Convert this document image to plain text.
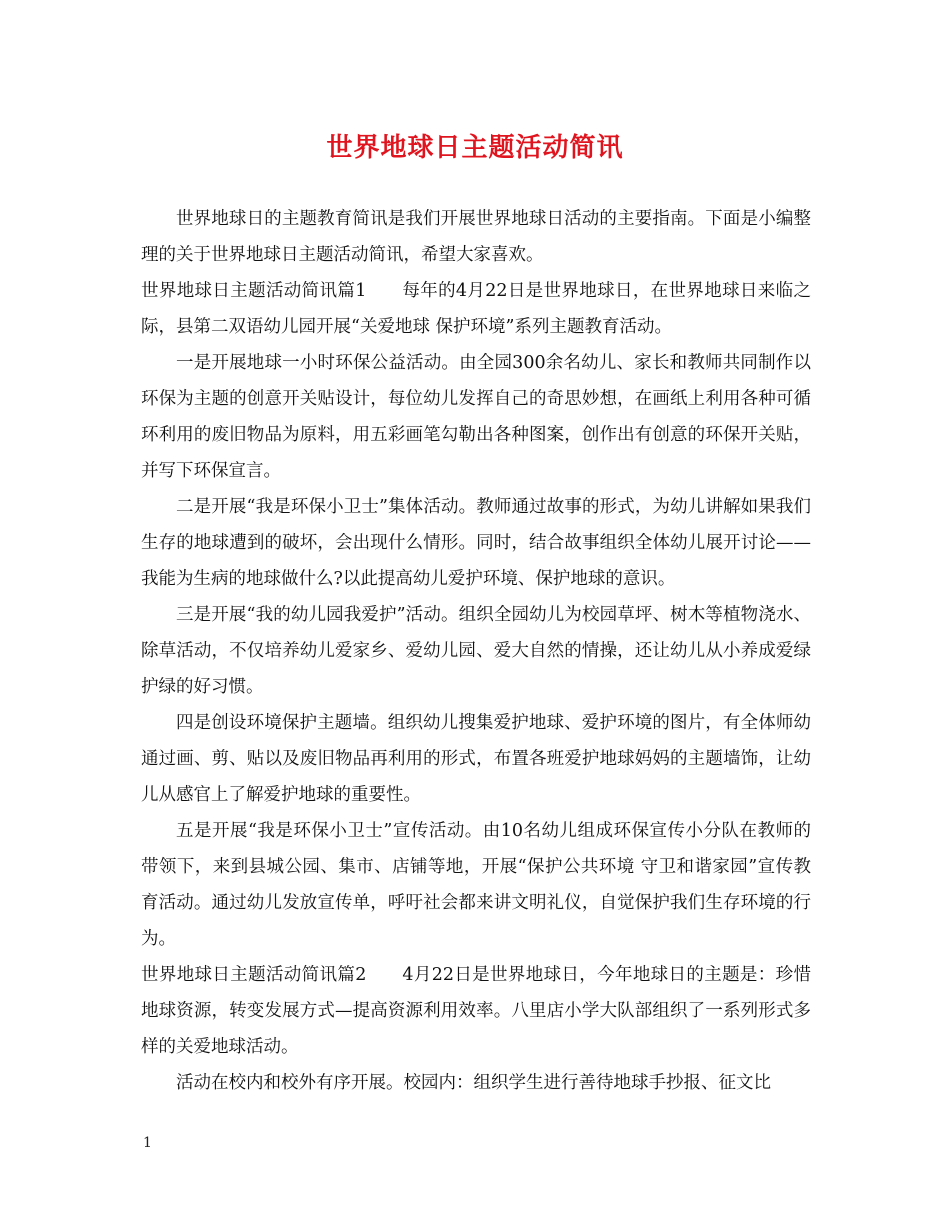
世界地球日主题活动简讯

世界地球日的主题教育简讯是我们开展世界地球日活动的主要指南。下面是小编整理的关于世界地球日主题活动简讯，希望大家喜欢。

世界地球日主题活动简讯篇1　　每年的4月22日是世界地球日，在世界地球日来临之际，县第二双语幼儿园开展“关爱地球 保护环境”系列主题教育活动。

一是开展地球一小时环保公益活动。由全园300余名幼儿、家长和教师共同制作以环保为主题的创意开关贴设计，每位幼儿发挥自己的奇思妙想，在画纸上利用各种可循环利用的废旧物品为原料，用五彩画笔勾勒出各种图案，创作出有创意的环保开关贴，并写下环保宣言。

二是开展“我是环保小卫士”集体活动。教师通过故事的形式，为幼儿讲解如果我们生存的地球遭到的破坏，会出现什么情形。同时，结合故事组织全体幼儿展开讨论——我能为生病的地球做什么?以此提高幼儿爱护环境、保护地球的意识。

三是开展“我的幼儿园我爱护”活动。组织全园幼儿为校园草坪、树木等植物浇水、除草活动，不仅培养幼儿爱家乡、爱幼儿园、爱大自然的情操，还让幼儿从小养成爱绿护绿的好习惯。

四是创设环境保护主题墙。组织幼儿搜集爱护地球、爱护环境的图片，有全体师幼通过画、剪、贴以及废旧物品再利用的形式，布置各班爱护地球妈妈的主题墙饰，让幼儿从感官上了解爱护地球的重要性。

五是开展“我是环保小卫士”宣传活动。由10名幼儿组成环保宣传小分队在教师的带领下，来到县城公园、集市、店铺等地，开展“保护公共环境 守卫和谐家园”宣传教育活动。通过幼儿发放宣传单，呼吁社会都来讲文明礼仪，自觉保护我们生存环境的行为。

世界地球日主题活动简讯篇2　　4月22日是世界地球日，今年地球日的主题是：珍惜地球资源，转变发展方式—提高资源利用效率。八里店小学大队部组织了一系列形式多样的关爱地球活动。

活动在校内和校外有序开展。校园内：组织学生进行善待地球手抄报、征文比

1
